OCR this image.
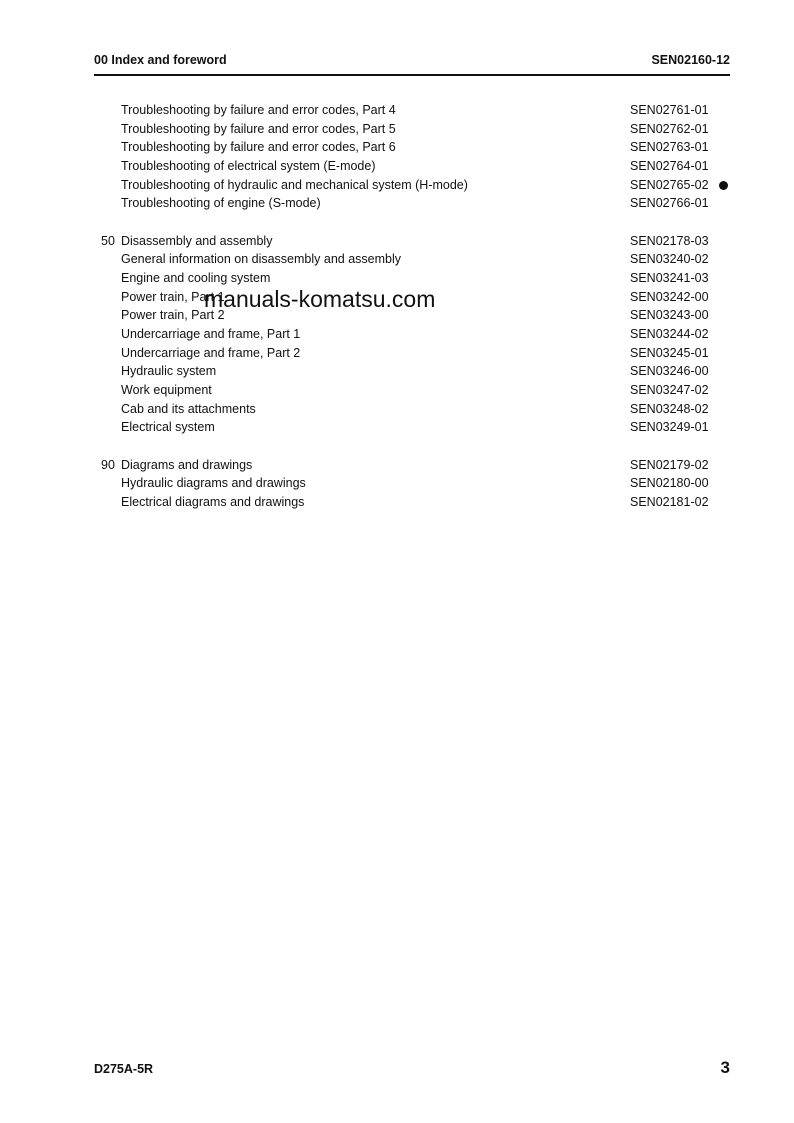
00 Index and foreword	SEN02160-12
Troubleshooting by failure and error codes, Part 4	SEN02761-01
Troubleshooting by failure and error codes, Part 5	SEN02762-01
Troubleshooting by failure and error codes, Part 6	SEN02763-01
Troubleshooting of electrical system (E-mode)	SEN02764-01
Troubleshooting of hydraulic and mechanical system (H-mode)	SEN02765-02
Troubleshooting of engine (S-mode)	SEN02766-01
50 Disassembly and assembly	SEN02178-03
General information on disassembly and assembly	SEN03240-02
Engine and cooling system	SEN03241-03
Power train, Part 1	SEN03242-00
Power train, Part 2	SEN03243-00
Undercarriage and frame, Part 1	SEN03244-02
Undercarriage and frame, Part 2	SEN03245-01
Hydraulic system	SEN03246-00
Work equipment	SEN03247-02
Cab and its attachments	SEN03248-02
Electrical system	SEN03249-01
90 Diagrams and drawings	SEN02179-02
Hydraulic diagrams and drawings	SEN02180-00
Electrical diagrams and drawings	SEN02181-02
manuals-komatsu.com
D275A-5R	3
